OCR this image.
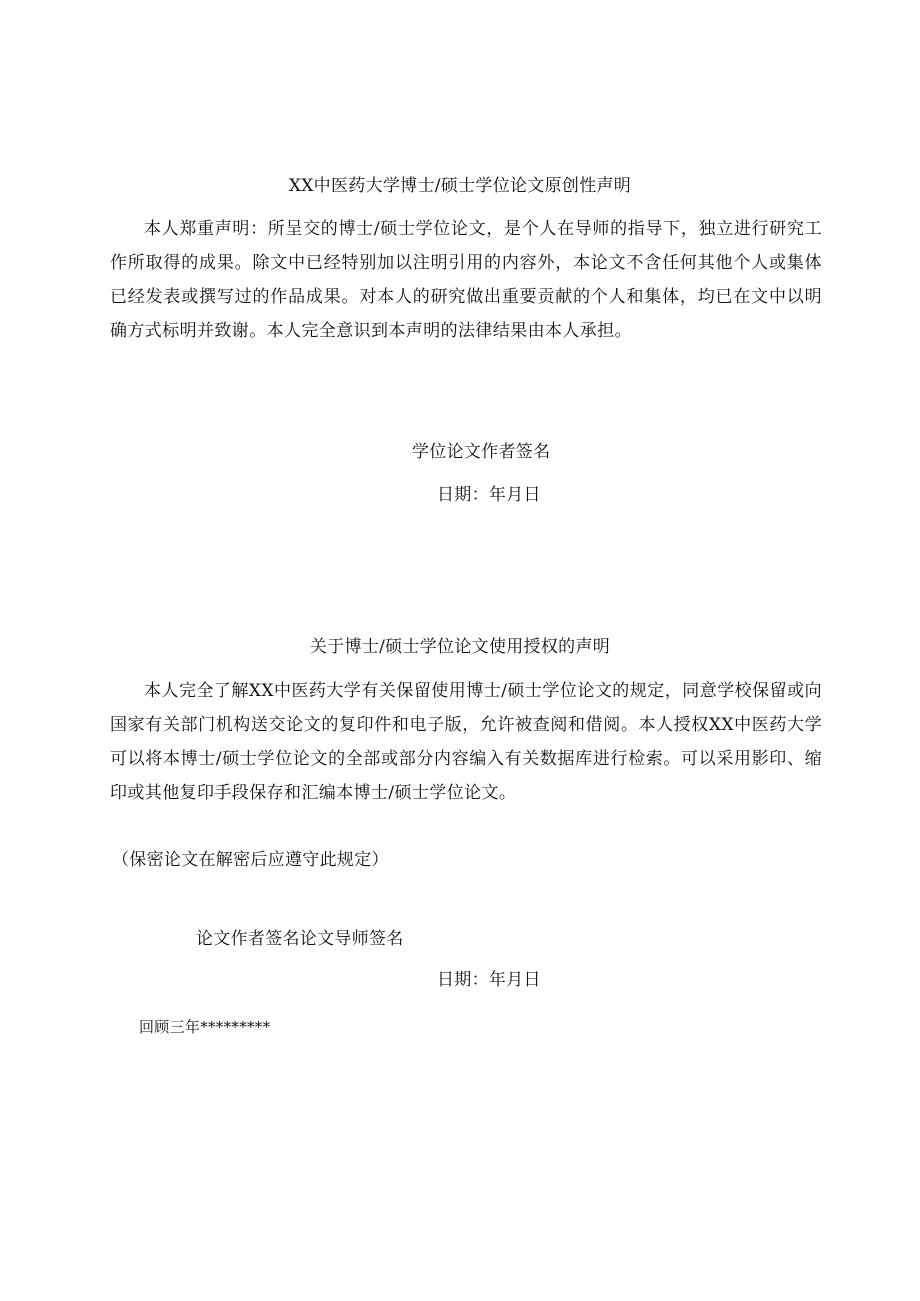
XX中医药大学博士/硕士学位论文原创性声明
本人郑重声明：所呈交的博士/硕士学位论文，是个人在导师的指导下，独立进行研究工作所取得的成果。除文中已经特别加以注明引用的内容外，本论文不含任何其他个人或集体已经发表或撰写过的作品成果。对本人的研究做出重要贡献的个人和集体，均已在文中以明确方式标明并致谢。本人完全意识到本声明的法律结果由本人承担。
学位论文作者签名
日期：年月日
关于博士/硕士学位论文使用授权的声明
本人完全了解XX中医药大学有关保留使用博士/硕士学位论文的规定，同意学校保留或向国家有关部门机构送交论文的复印件和电子版，允许被查阅和借阅。本人授权XX中医药大学可以将本博士/硕士学位论文的全部或部分内容编入有关数据库进行检索。可以采用影印、缩印或其他复印手段保存和汇编本博士/硕士学位论文。
（保密论文在解密后应遵守此规定）
论文作者签名论文导师签名
日期：年月日
回顾三年*********
